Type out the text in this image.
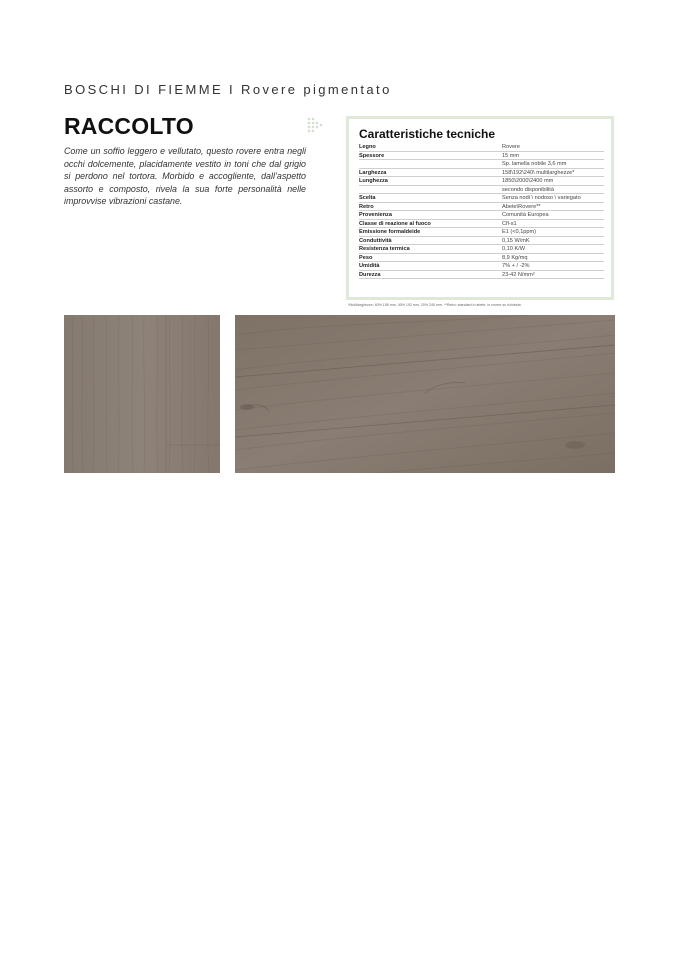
BOSCHI DI FIEMME I Rovere pigmentato
RACCOLTO

Come un soffio leggero e vellutato, questo rovere entra negli occhi dolcemente, placidamente vestito in toni che dal grigio si perdono nel tortora. Morbido e accogliente, dall’aspetto assorto e composto, rivela la sua forte personalità nelle improvvise vibrazioni castane.

Caratteristiche tecniche
Legno	Rovere
Spessore	15 mm
Sp. lamella nobile 3,6 mm
Larghezza	158\192\240\ multilarghezze*
Lunghezza	1850\2000\2400 mm
secondo disponibilità
Scelta	Senza nodi \ nodoso \ variegato
Retro	Abete\Rovere**
Provenienza	Comunità Europea
Classe di reazione al fuoco	Cfl-s1
Emissione formaldeide	E1 (<0,1ppm)
Conduttività	0,15 W/mK
Resistenza termica	0,10 K/W
Peso	8,9 Kg/mq
Umidità	7% + / -2%
Durezza	23-42 N/mm²

*Multilarghezze: 40% 158 mm, 40% 192 mm, 20% 240 mm. **Retro: standard in abete, in rovere su richiesta
